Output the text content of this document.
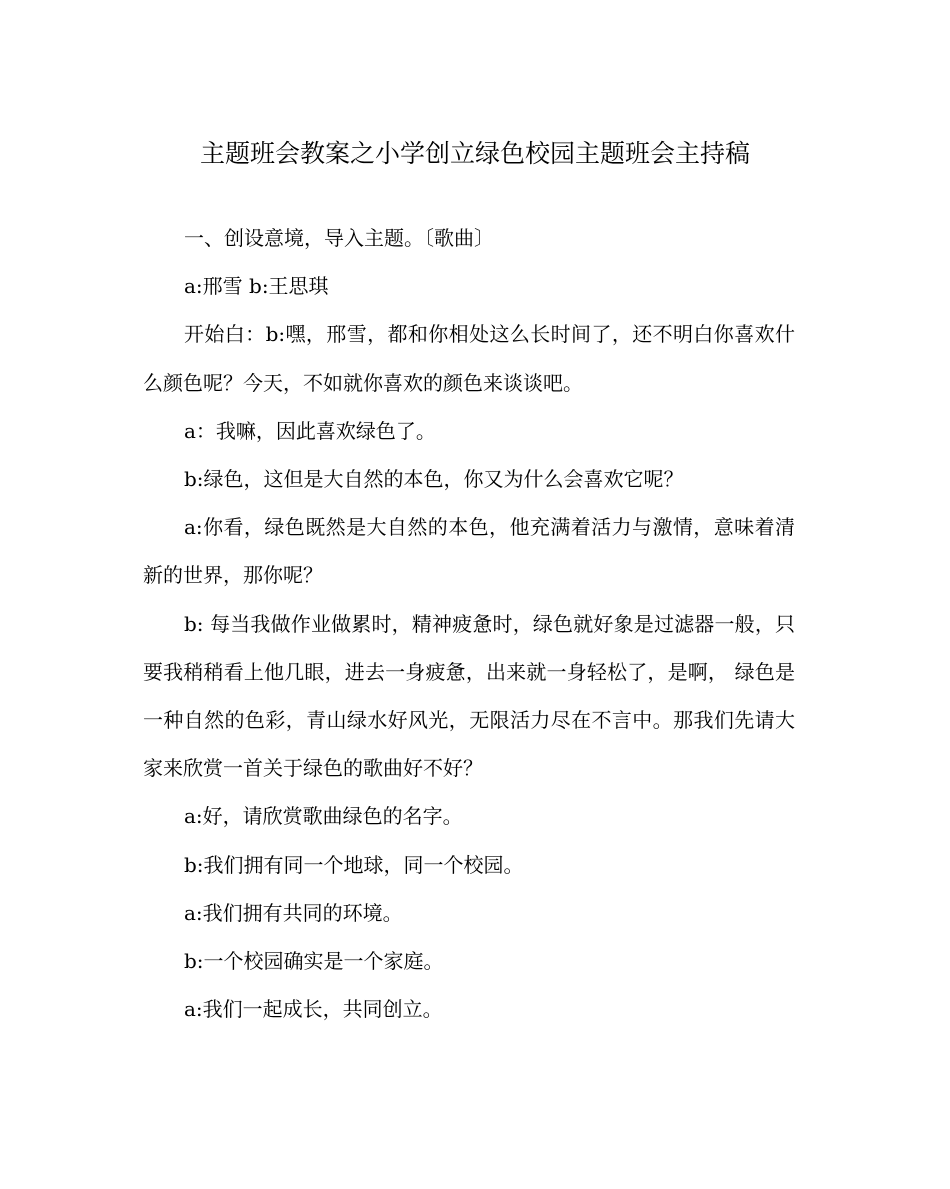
主题班会教案之小学创立绿色校园主题班会主持稿

一、创设意境，导入主题。〔歌曲〕

a:邢雪 b:王思琪

开始白：b:嘿，邢雪，都和你相处这么长时间了，还不明白你喜欢什么颜色呢？今天，不如就你喜欢的颜色来谈谈吧。

a：我嘛，因此喜欢绿色了。

b:绿色，这但是大自然的本色，你又为什么会喜欢它呢？

a:你看，绿色既然是大自然的本色，他充满着活力与激情，意味着清新的世界，那你呢？

b: 每当我做作业做累时，精神疲惫时，绿色就好象是过滤器一般，只要我稍稍看上他几眼，进去一身疲惫，出来就一身轻松了，是啊， 绿色是一种自然的色彩，青山绿水好风光，无限活力尽在不言中。那我们先请大家来欣赏一首关于绿色的歌曲好不好？

a:好，请欣赏歌曲绿色的名字。

b:我们拥有同一个地球，同一个校园。

a:我们拥有共同的环境。

b:一个校园确实是一个家庭。

a:我们一起成长，共同创立。
